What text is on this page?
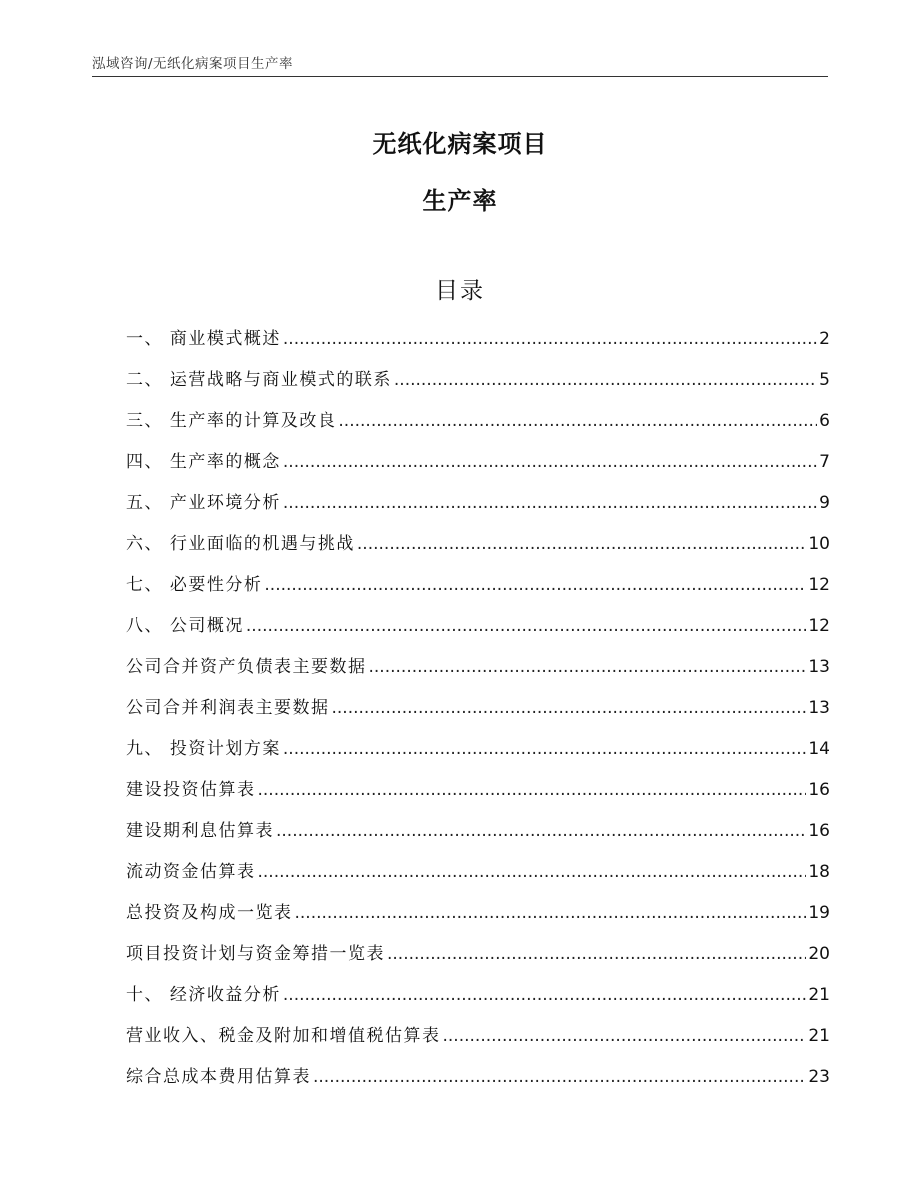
泓域咨询/无纸化病案项目生产率
无纸化病案项目
生产率
目录
一、 商业模式概述 .....	2
二、 运营战略与商业模式的联系 .....	5
三、 生产率的计算及改良 .....	6
四、 生产率的概念 .....	7
五、 产业环境分析 .....	9
六、 行业面临的机遇与挑战 .....	10
七、 必要性分析 .....	12
八、 公司概况 .....	12
公司合并资产负债表主要数据 .....	13
公司合并利润表主要数据 .....	13
九、 投资计划方案 .....	14
建设投资估算表 .....	16
建设期利息估算表 .....	16
流动资金估算表 .....	18
总投资及构成一览表 .....	19
项目投资计划与资金筹措一览表 .....	20
十、 经济收益分析 .....	21
营业收入、税金及附加和增值税估算表 .....	21
综合总成本费用估算表 .....	23
